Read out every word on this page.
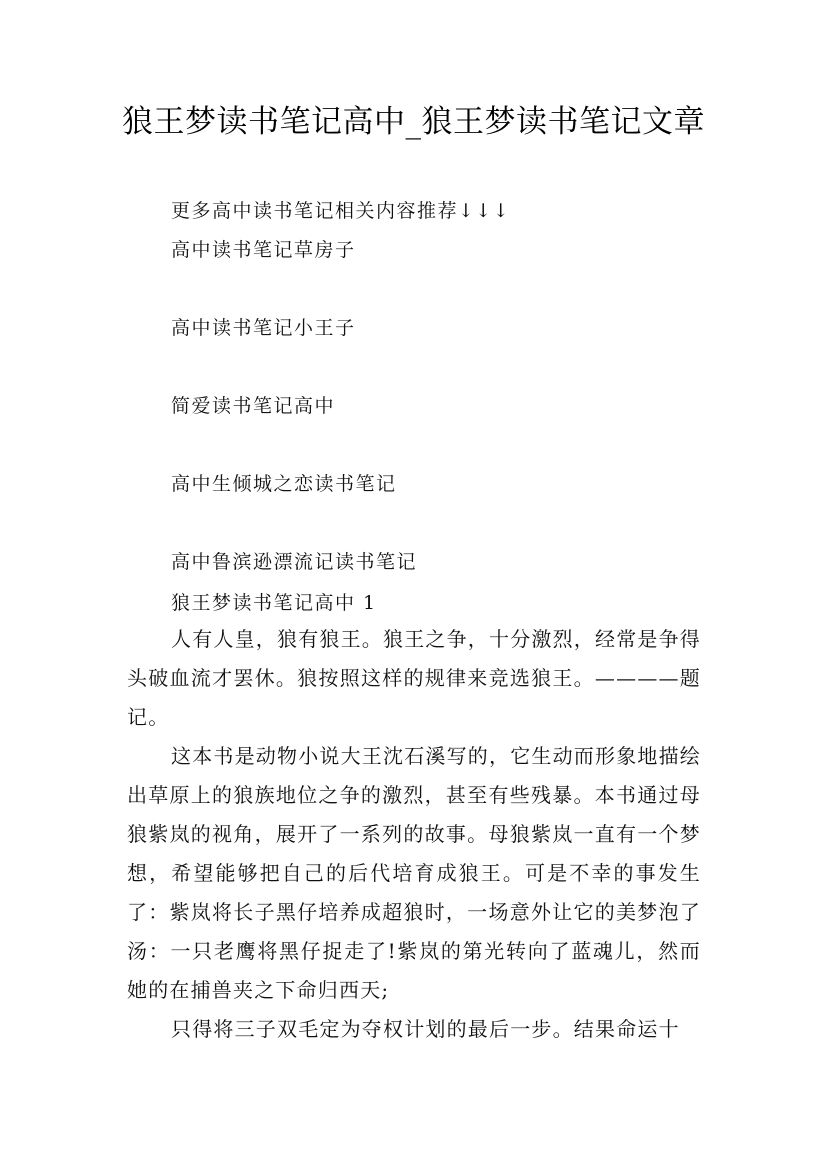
狼王梦读书笔记高中_狼王梦读书笔记文章
更多高中读书笔记相关内容推荐↓↓↓
高中读书笔记草房子
高中读书笔记小王子
简爱读书笔记高中
高中生倾城之恋读书笔记
高中鲁滨逊漂流记读书笔记
狼王梦读书笔记高中 1

人有人皇，狼有狼王。狼王之争，十分激烈，经常是争得头破血流才罢休。狼按照这样的规律来竞选狼王。————题记。

这本书是动物小说大王沈石溪写的，它生动而形象地描绘出草原上的狼族地位之争的激烈，甚至有些残暴。本书通过母狼紫岚的视角，展开了一系列的故事。母狼紫岚一直有一个梦想，希望能够把自己的后代培育成狼王。可是不幸的事发生了：紫岚将长子黑仔培养成超狼时，一场意外让它的美梦泡了汤：一只老鹰将黑仔捉走了!紫岚的第光转向了蓝魂儿，然而她的在捕兽夹之下命归西天;

只得将三子双毛定为夺权计划的最后一步。结果命运十
